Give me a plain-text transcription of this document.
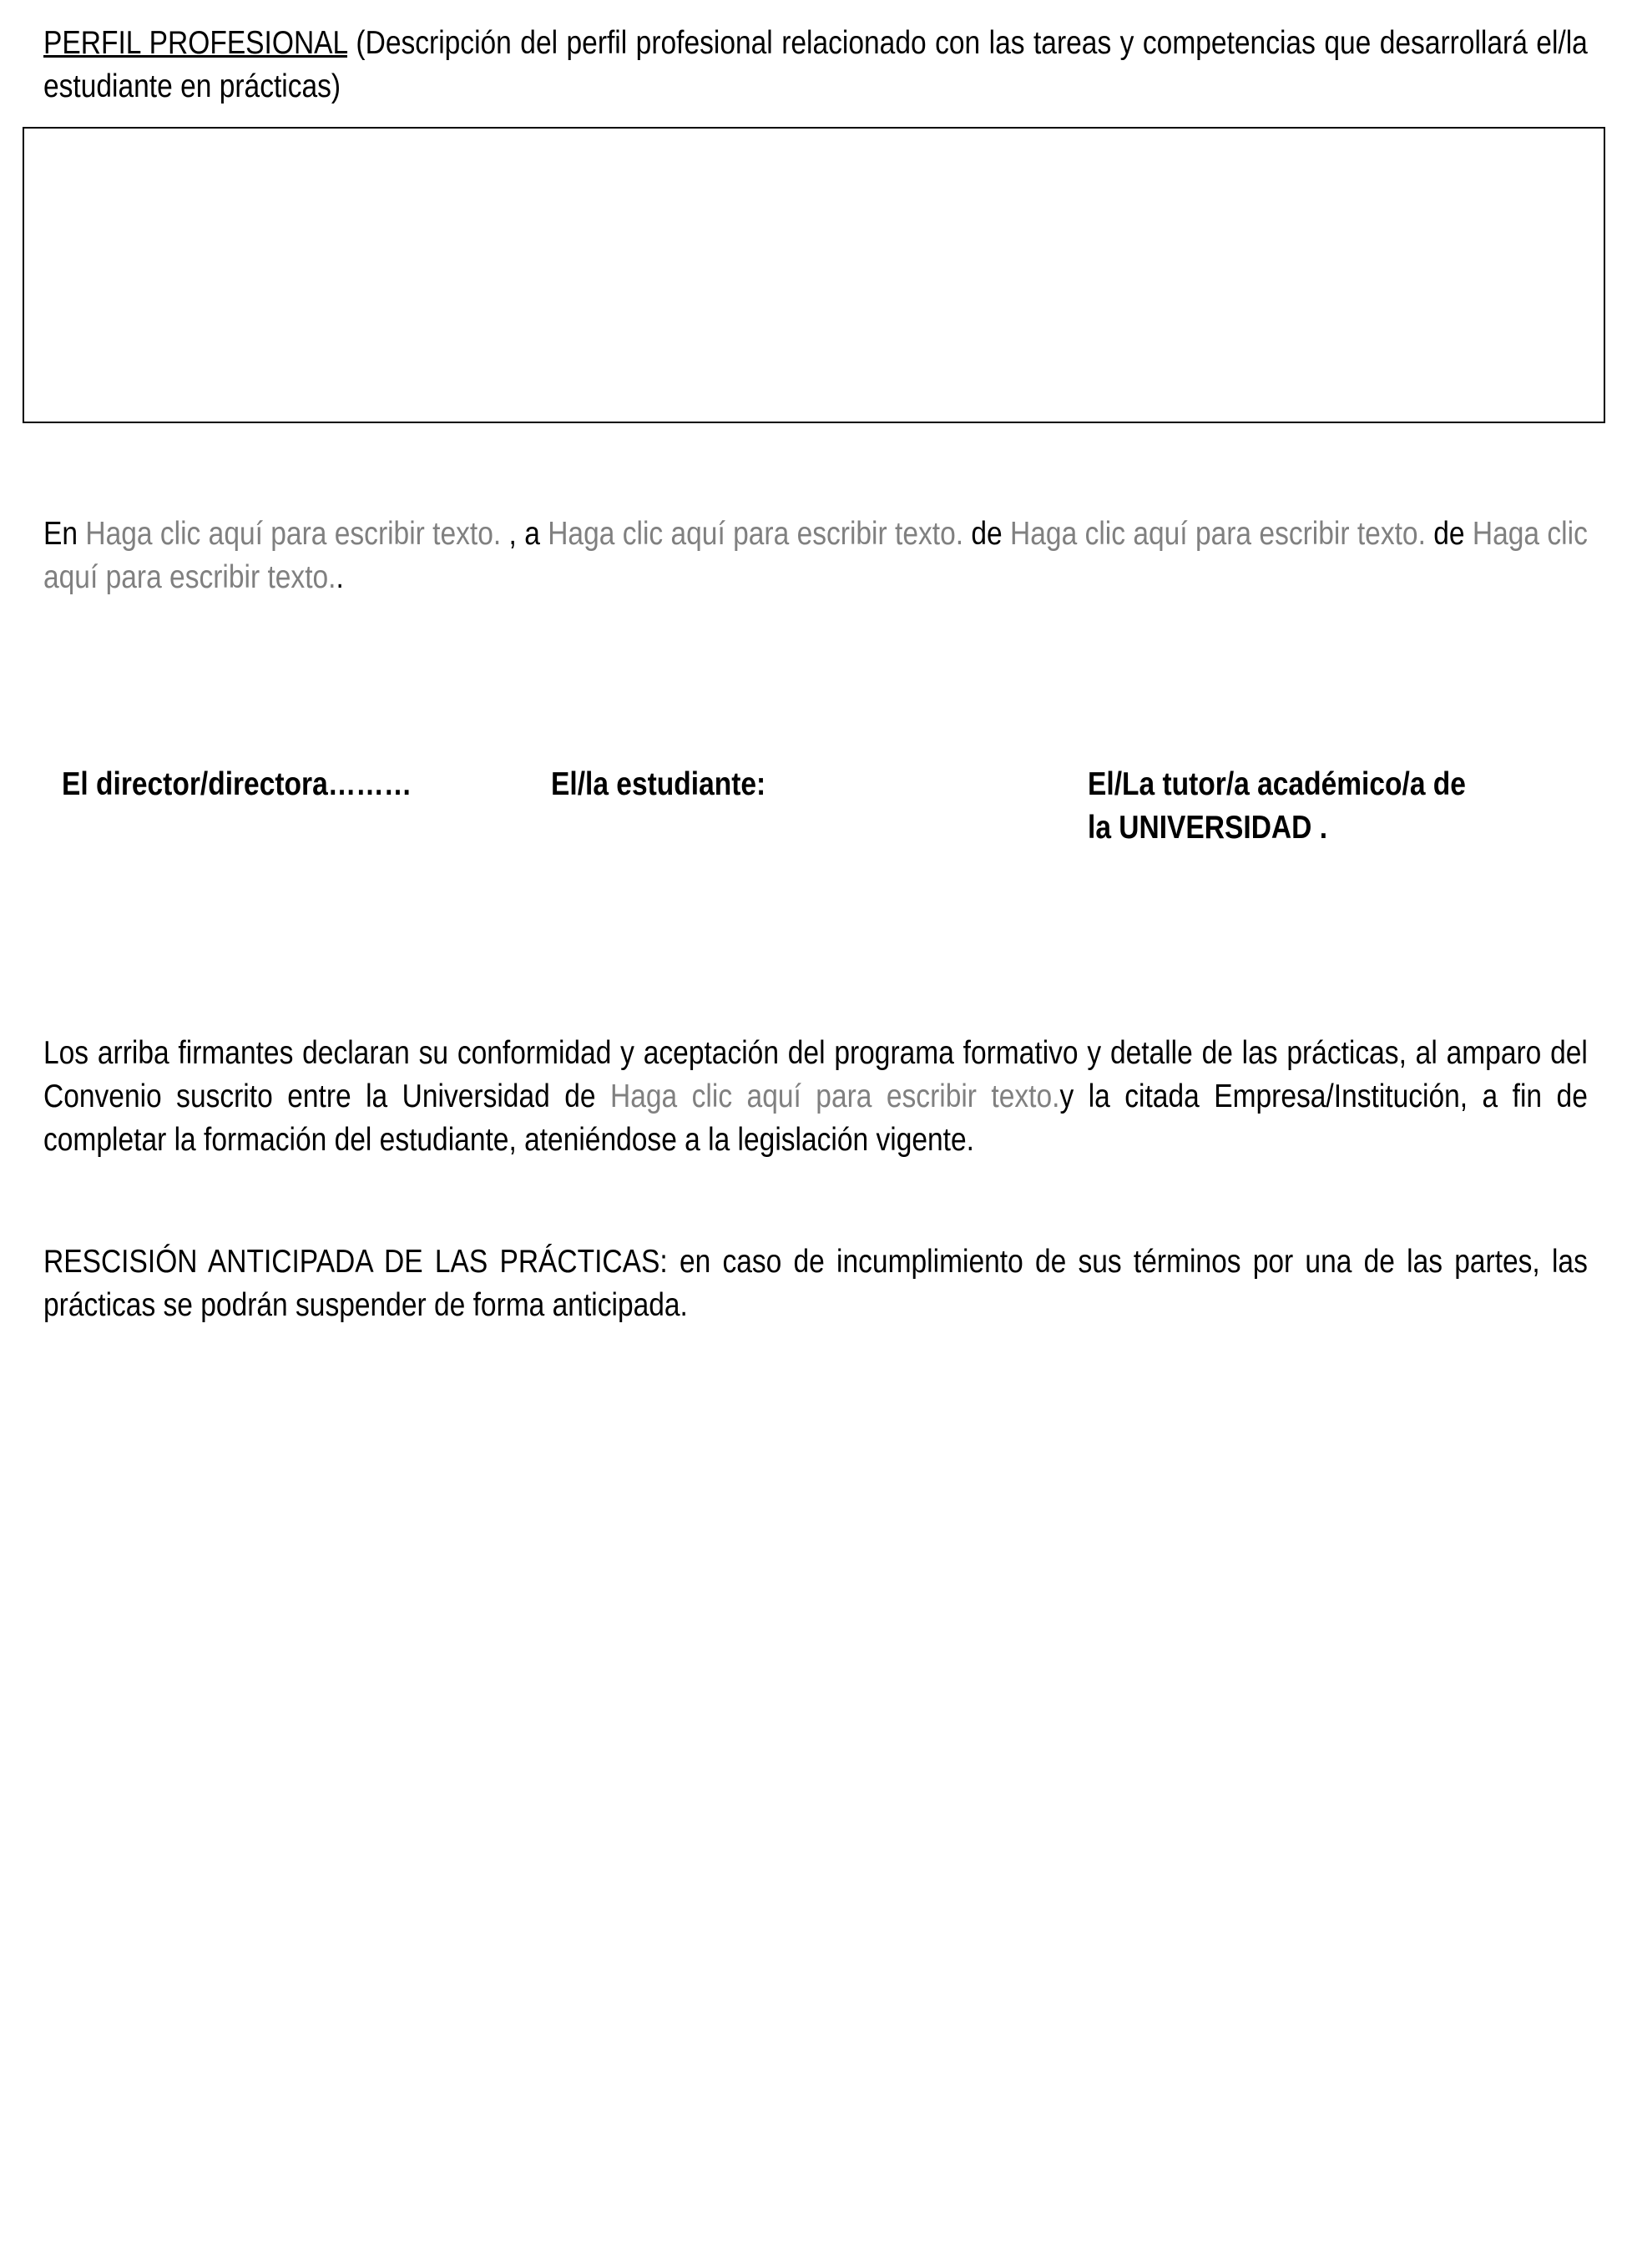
PERFIL PROFESIONAL (Descripción del perfil profesional relacionado con las tareas y competencias que desarrollará el/la estudiante en prácticas)
En Haga clic aquí para escribir texto. , a Haga clic aquí para escribir texto. de Haga clic aquí para escribir texto. de Haga clic aquí para escribir texto..
El director/directora………	El/la estudiante:	El/La tutor/a académico/a de
la UNIVERSIDAD .
Los arriba firmantes declaran su conformidad y aceptación del programa formativo y detalle de las prácticas, al amparo del Convenio suscrito entre la Universidad de Haga clic aquí para escribir texto.y la citada Empresa/Institución, a fin de completar la formación del estudiante, ateniéndose a la legislación vigente.
RESCISIÓN ANTICIPADA DE LAS PRÁCTICAS: en caso de incumplimiento de sus términos por una de las partes, las prácticas se podrán suspender de forma anticipada.
